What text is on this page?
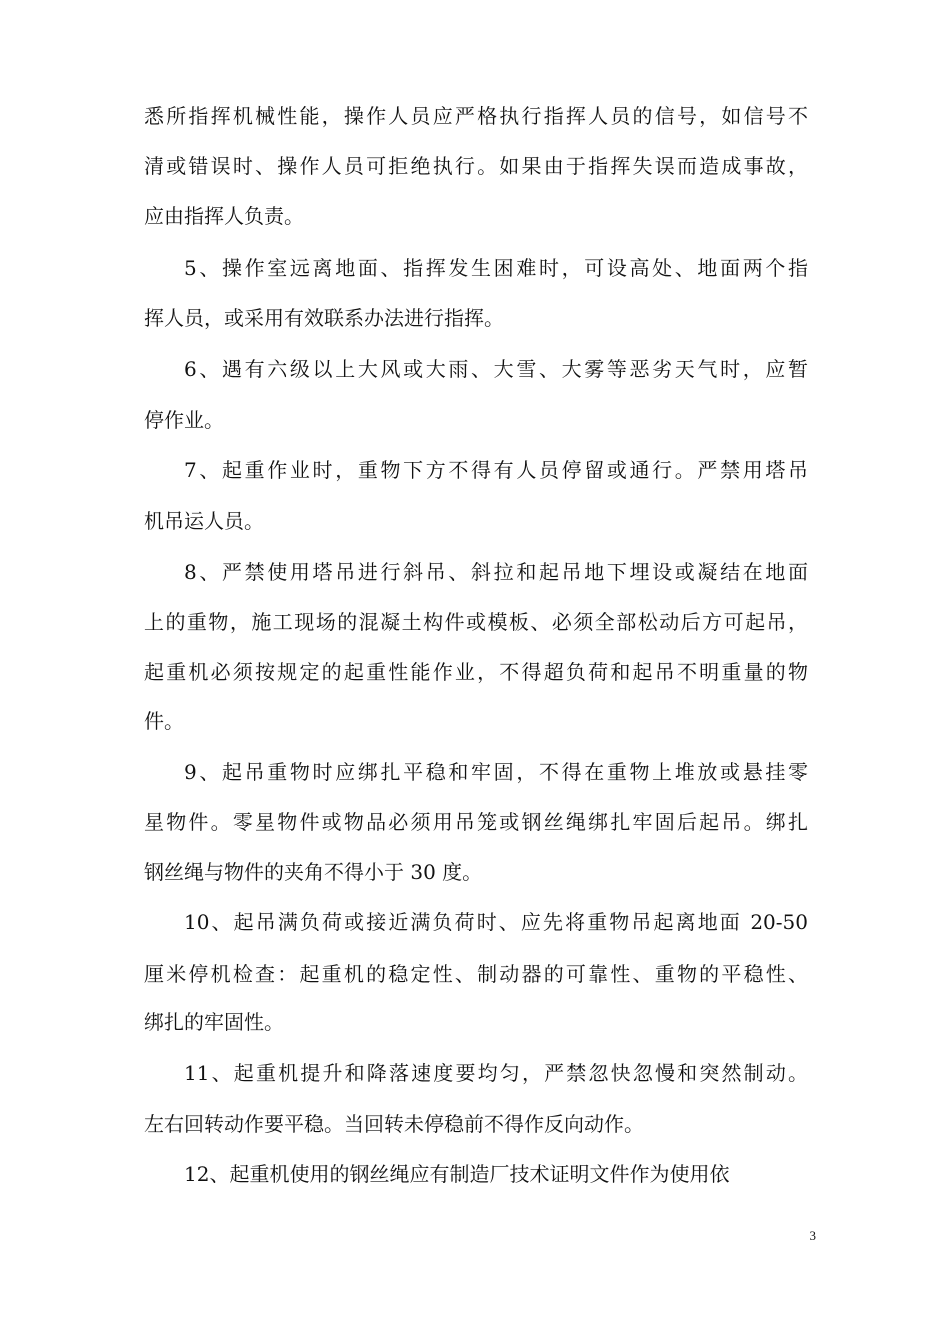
悉所指挥机械性能，操作人员应严格执行指挥人员的信号，如信号不
清或错误时、操作人员可拒绝执行。如果由于指挥失误而造成事故，
应由指挥人负责。
5、操作室远离地面、指挥发生困难时，可设高处、地面两个指
挥人员，或采用有效联系办法进行指挥。
6、遇有六级以上大风或大雨、大雪、大雾等恶劣天气时，应暂
停作业。
7、起重作业时，重物下方不得有人员停留或通行。严禁用塔吊
机吊运人员。
8、严禁使用塔吊进行斜吊、斜拉和起吊地下埋设或凝结在地面
上的重物，施工现场的混凝土构件或模板、必须全部松动后方可起吊，
起重机必须按规定的起重性能作业，不得超负荷和起吊不明重量的物
件。
9、起吊重物时应绑扎平稳和牢固，不得在重物上堆放或悬挂零
星物件。零星物件或物品必须用吊笼或钢丝绳绑扎牢固后起吊。绑扎
钢丝绳与物件的夹角不得小于 30 度。
10、起吊满负荷或接近满负荷时、应先将重物吊起离地面 20-50
厘米停机检查：起重机的稳定性、制动器的可靠性、重物的平稳性、
绑扎的牢固性。
11、起重机提升和降落速度要均匀，严禁忽快忽慢和突然制动。
左右回转动作要平稳。当回转未停稳前不得作反向动作。
12、起重机使用的钢丝绳应有制造厂技术证明文件作为使用依
3
